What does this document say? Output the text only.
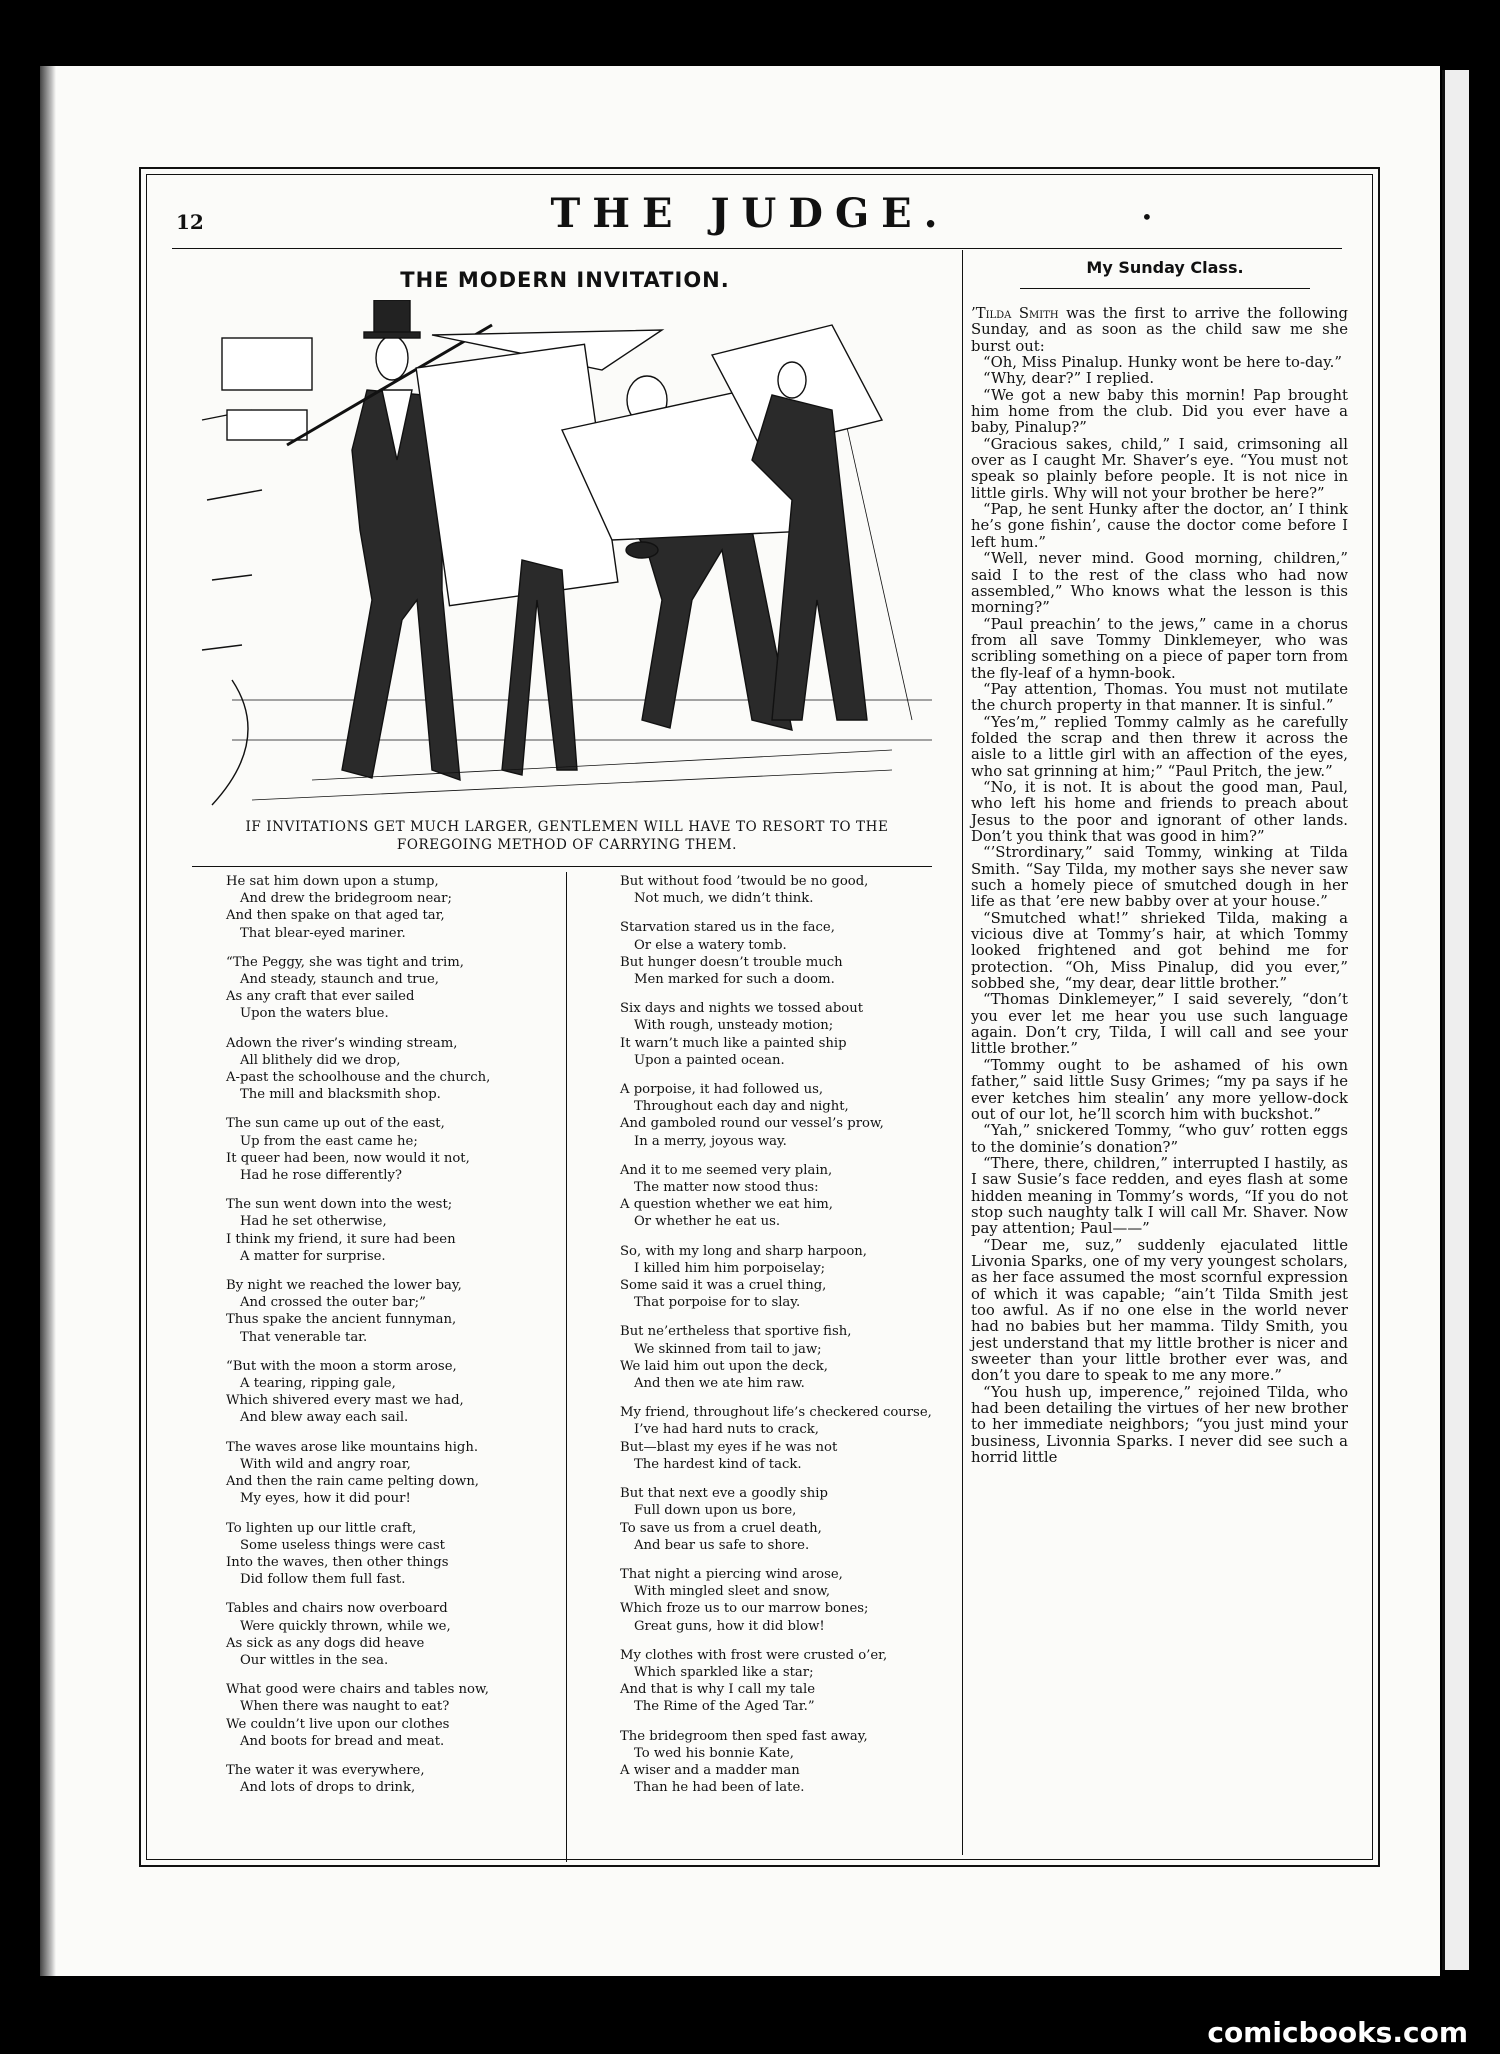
12	THE JUDGE.	•
THE MODERN INVITATION.
IF INVITATIONS GET MUCH LARGER, GENTLEMEN WILL HAVE TO RESORT TO THE
FOREGOING METHOD OF CARRYING THEM.
He sat him down upon a stump,
And drew the bridegroom near;
And then spake on that aged tar,
That blear-eyed mariner.
“The Peggy, she was tight and trim,
And steady, staunch and true,
As any craft that ever sailed
Upon the waters blue.
Adown the river’s winding stream,
All blithely did we drop,
A-past the schoolhouse and the church,
The mill and blacksmith shop.
The sun came up out of the east,
Up from the east came he;
It queer had been, now would it not,
Had he rose differently?
The sun went down into the west;
Had he set otherwise,
I think my friend, it sure had been
A matter for surprise.
By night we reached the lower bay,
And crossed the outer bar;”
Thus spake the ancient funnyman,
That venerable tar.
“But with the moon a storm arose,
A tearing, ripping gale,
Which shivered every mast we had,
And blew away each sail.
The waves arose like mountains high.
With wild and angry roar,
And then the rain came pelting down,
My eyes, how it did pour!
To lighten up our little craft,
Some useless things were cast
Into the waves, then other things
Did follow them full fast.
Tables and chairs now overboard
Were quickly thrown, while we,
As sick as any dogs did heave
Our wittles in the sea.
What good were chairs and tables now,
When there was naught to eat?
We couldn’t live upon our clothes
And boots for bread and meat.
The water it was everywhere,
And lots of drops to drink,
But without food ’twould be no good,
Not much, we didn’t think.
Starvation stared us in the face,
Or else a watery tomb.
But hunger doesn’t trouble much
Men marked for such a doom.
Six days and nights we tossed about
With rough, unsteady motion;
It warn’t much like a painted ship
Upon a painted ocean.
A porpoise, it had followed us,
Throughout each day and night,
And gamboled round our vessel’s prow,
In a merry, joyous way.
And it to me seemed very plain,
The matter now stood thus:
A question whether we eat him,
Or whether he eat us.
So, with my long and sharp harpoon,
I killed him him porpoiselay;
Some said it was a cruel thing,
That porpoise for to slay.
But ne’ertheless that sportive fish,
We skinned from tail to jaw;
We laid him out upon the deck,
And then we ate him raw.
My friend, throughout life’s checkered course,
I’ve had hard nuts to crack,
But—blast my eyes if he was not
The hardest kind of tack.
But that next eve a goodly ship
Full down upon us bore,
To save us from a cruel death,
And bear us safe to shore.
That night a piercing wind arose,
With mingled sleet and snow,
Which froze us to our marrow bones;
Great guns, how it did blow!
My clothes with frost were crusted o’er,
Which sparkled like a star;
And that is why I call my tale
The Rime of the Aged Tar.”
The bridegroom then sped fast away,
To wed his bonnie Kate,
A wiser and a madder man
Than he had been of late.
My Sunday Class.

’Tilda Smith was the first to arrive the following Sunday, and as soon as the child saw me she burst out:

“Oh, Miss Pinalup. Hunky wont be here to-day.”

“Why, dear?” I replied.

“We got a new baby this mornin! Pap brought him home from the club. Did you ever have a baby, Pinalup?”

“Gracious sakes, child,” I said, crimsoning all over as I caught Mr. Shaver’s eye. “You must not speak so plainly before people. It is not nice in little girls. Why will not your brother be here?”

“Pap, he sent Hunky after the doctor, an’ I think he’s gone fishin’, cause the doctor come before I left hum.”

“Well, never mind. Good morning, children,” said I to the rest of the class who had now assembled,” Who knows what the lesson is this morning?”

“Paul preachin’ to the jews,” came in a chorus from all save Tommy Dinklemeyer, who was scribling something on a piece of paper torn from the fly-leaf of a hymn-book.

“Pay attention, Thomas. You must not mutilate the church property in that manner. It is sinful.”

“Yes’m,” replied Tommy calmly as he carefully folded the scrap and then threw it across the aisle to a little girl with an affection of the eyes, who sat grinning at him;” “Paul Pritch, the jew.”

“No, it is not. It is about the good man, Paul, who left his home and friends to preach about Jesus to the poor and ignorant of other lands. Don’t you think that was good in him?”

“’Strordinary,” said Tommy, winking at Tilda Smith. “Say Tilda, my mother says she never saw such a homely piece of smutched dough in her life as that ’ere new babby over at your house.”

“Smutched what!” shrieked Tilda, making a vicious dive at Tommy’s hair, at which Tommy looked frightened and got behind me for protection. “Oh, Miss Pinalup, did you ever,” sobbed she, “my dear, dear little brother.”

“Thomas Dinklemeyer,” I said severely, “don’t you ever let me hear you use such language again. Don’t cry, Tilda, I will call and see your little brother.”

“Tommy ought to be ashamed of his own father,” said little Susy Grimes; “my pa says if he ever ketches him stealin’ any more yellow-dock out of our lot, he’ll scorch him with buckshot.”

“Yah,” snickered Tommy, “who guv’ rotten eggs to the dominie’s donation?”

“There, there, children,” interrupted I hastily, as I saw Susie’s face redden, and eyes flash at some hidden meaning in Tommy’s words, “If you do not stop such naughty talk I will call Mr. Shaver. Now pay attention; Paul——”

“Dear me, suz,” suddenly ejaculated little Livonia Sparks, one of my very youngest scholars, as her face assumed the most scornful expression of which it was capable; “ain’t Tilda Smith jest too awful. As if no one else in the world never had no babies but her mamma. Tildy Smith, you jest understand that my little brother is nicer and sweeter than your little brother ever was, and don’t you dare to speak to me any more.”

“You hush up, imperence,” rejoined Tilda, who had been detailing the virtues of her new brother to her immediate neighbors; “you just mind your business, Livonnia Sparks. I never did see such a horrid little

comicbooks.com
